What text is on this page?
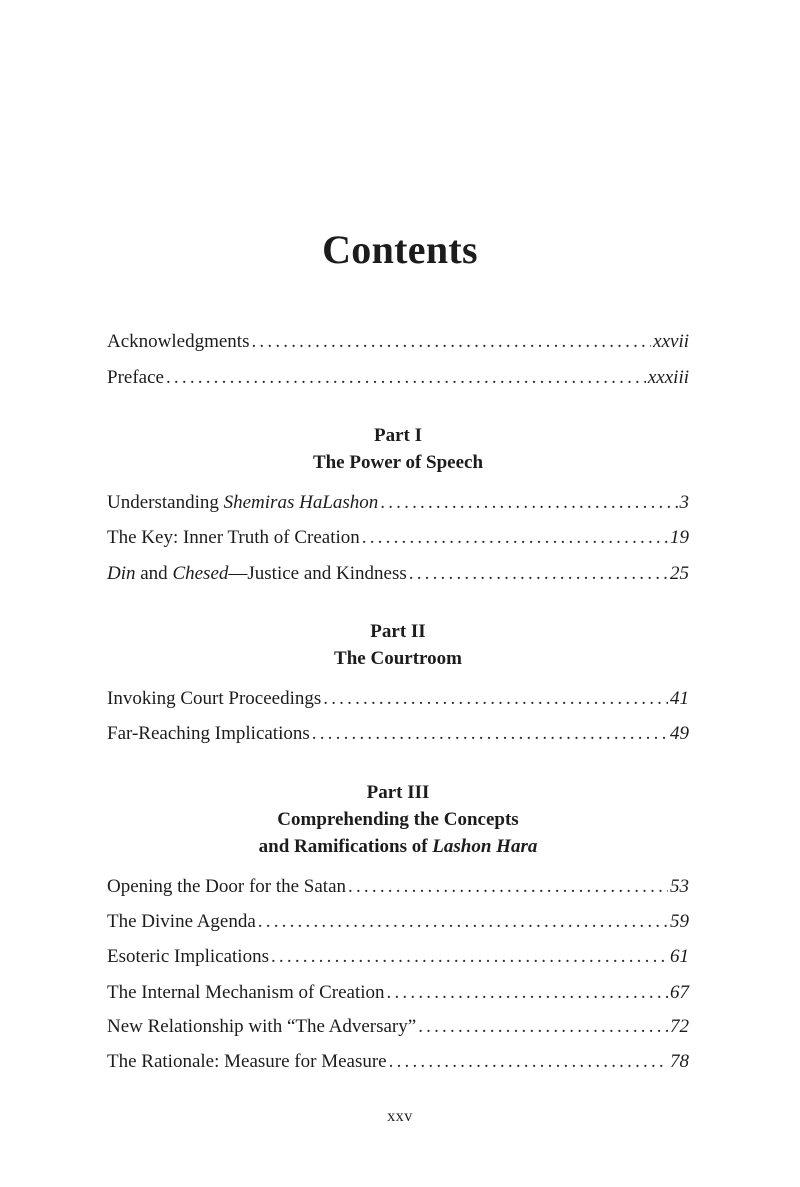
Contents
Acknowledgments .....	xxvii
Preface .....	xxxiii
Part I
The Power of Speech
Understanding Shemiras HaLashon .....	3
The Key: Inner Truth of Creation .....	19
Din and Chesed—Justice and Kindness .....	25
Part II
The Courtroom
Invoking Court Proceedings .....	41
Far-Reaching Implications .....	49
Part III
Comprehending the Concepts
and Ramifications of Lashon Hara
Opening the Door for the Satan .....	53
The Divine Agenda .....	59
Esoteric Implications .....	61
The Internal Mechanism of Creation .....	67
New Relationship with “The Adversary” .....	72
The Rationale: Measure for Measure .....	78
xxv
